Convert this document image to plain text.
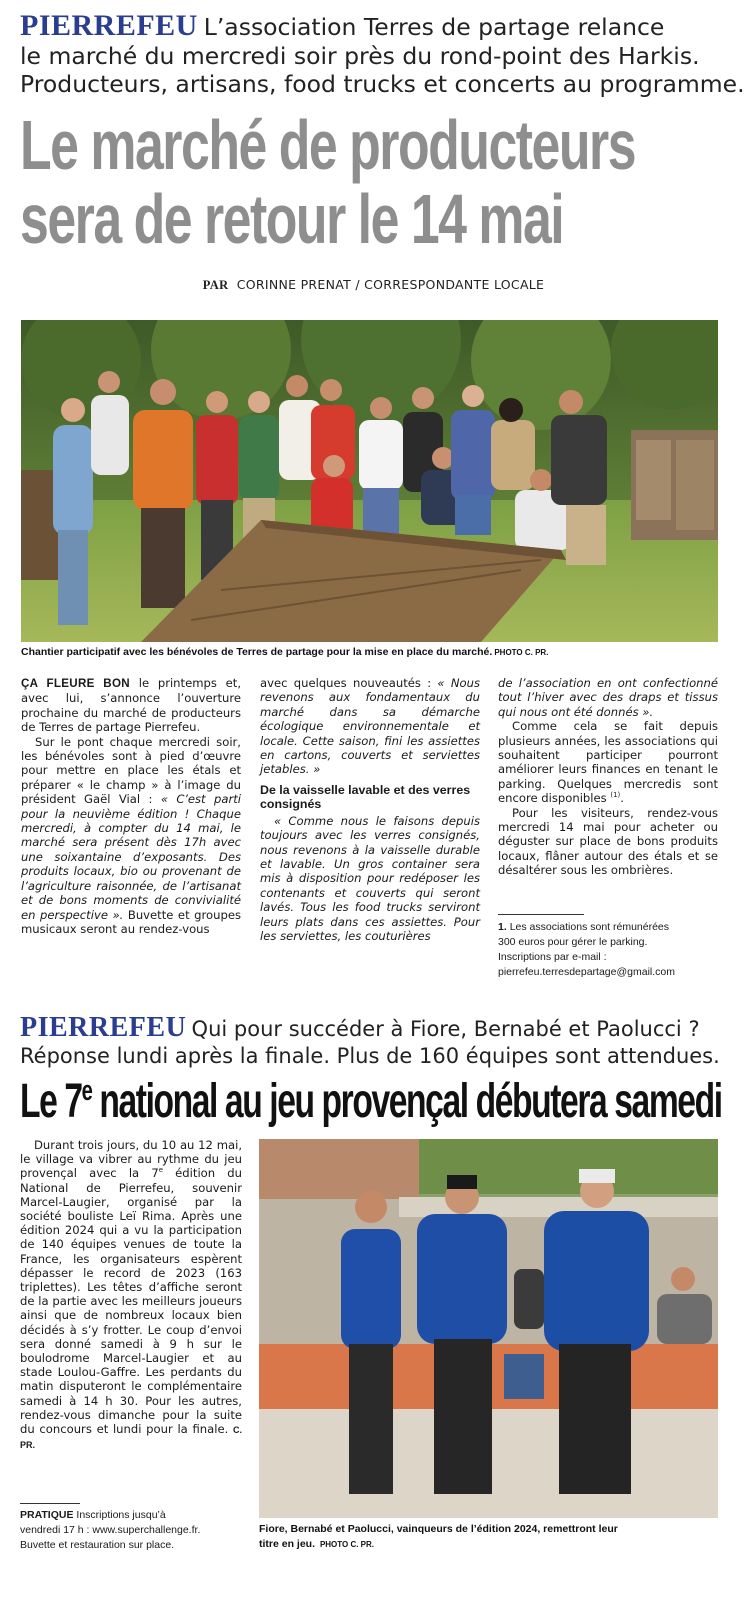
PIERREFEU L’association Terres de partage relance
le marché du mercredi soir près du rond-point des Harkis.
Producteurs, artisans, food trucks et concerts au programme.
Le marché de producteurs
sera de retour le 14 mai
PAR CORINNE PRENAT / CORRESPONDANTE LOCALE
Chantier participatif avec les bénévoles de Terres de partage pour la mise en place du marché. PHOTO C. PR.

ÇA FLEURE BON le printemps et, avec lui, s’annonce l’ouverture prochaine du marché de producteurs de Terres de partage Pierrefeu.

Sur le pont chaque mercredi soir, les bénévoles sont à pied d’œuvre pour mettre en place les étals et préparer « le champ » à l’image du président Gaël Vial : « C’est parti pour la neuvième édition ! Chaque mercredi, à compter du 14 mai, le marché sera présent dès 17h avec une soixantaine d’exposants. Des produits locaux, bio ou provenant de l’agriculture raisonnée, de l’artisanat et de bons moments de convivialité en perspective ». Buvette et groupes musicaux seront au rendez-vous

avec quelques nouveautés : « Nous revenons aux fondamentaux du marché dans sa démarche écologique environnementale et locale. Cette saison, fini les assiettes en cartons, couverts et serviettes jetables. »

De la vaisselle lavable et des verres consignés

« Comme nous le faisons depuis toujours avec les verres consignés, nous revenons à la vaisselle durable et lavable. Un gros container sera mis à disposition pour redéposer les contenants et couverts qui seront lavés. Tous les food trucks serviront leurs plats dans ces assiettes. Pour les serviettes, les couturières

de l’association en ont confectionné tout l’hiver avec des draps et tissus qui nous ont été donnés ».

Comme cela se fait depuis plusieurs années, les associations qui souhaitent participer pourront améliorer leurs finances en tenant le parking. Quelques mercredis sont encore disponibles $^{(1)}$.

Pour les visiteurs, rendez-vous mercredi 14 mai pour acheter ou déguster sur place de bons produits locaux, flâner autour des étals et se désaltérer sous les ombrières.

1. Les associations sont rémunérées
300 euros pour gérer le parking.
Inscriptions par e-mail :
pierrefeu.terresdepartage@gmail.com
PIERREFEU Qui pour succéder à Fiore, Bernabé et Paolucci ?
Réponse lundi après la finale. Plus de 160 équipes sont attendues.
Le 7e national au jeu provençal débutera samedi

Durant trois jours, du 10 au 12 mai, le village va vibrer au rythme du jeu provençal avec la 7e édition du National de Pierrefeu, souvenir Marcel-Laugier, organisé par la société bouliste Leï Rima. Après une édition 2024 qui a vu la participation de 140 équipes venues de toute la France, les organisateurs espèrent dépasser le record de 2023 (163 triplettes). Les têtes d’affiche seront de la partie avec les meilleurs joueurs ainsi que de nombreux locaux bien décidés à s’y frotter. Le coup d’envoi sera donné samedi à 9 h sur le boulodrome Marcel-Laugier et au stade Loulou-Gaffre. Les perdants du matin disputeront le complémentaire samedi à 14 h 30. Pour les autres, rendez-vous dimanche pour la suite du concours et lundi pour la finale. C. PR.

PRATIQUE Inscriptions jusqu’à
vendredi 17 h : www.superchallenge.fr.
Buvette et restauration sur place.
Fiore, Bernabé et Paolucci, vainqueurs de l’édition 2024, remettront leur
titre en jeu. PHOTO C. PR.
